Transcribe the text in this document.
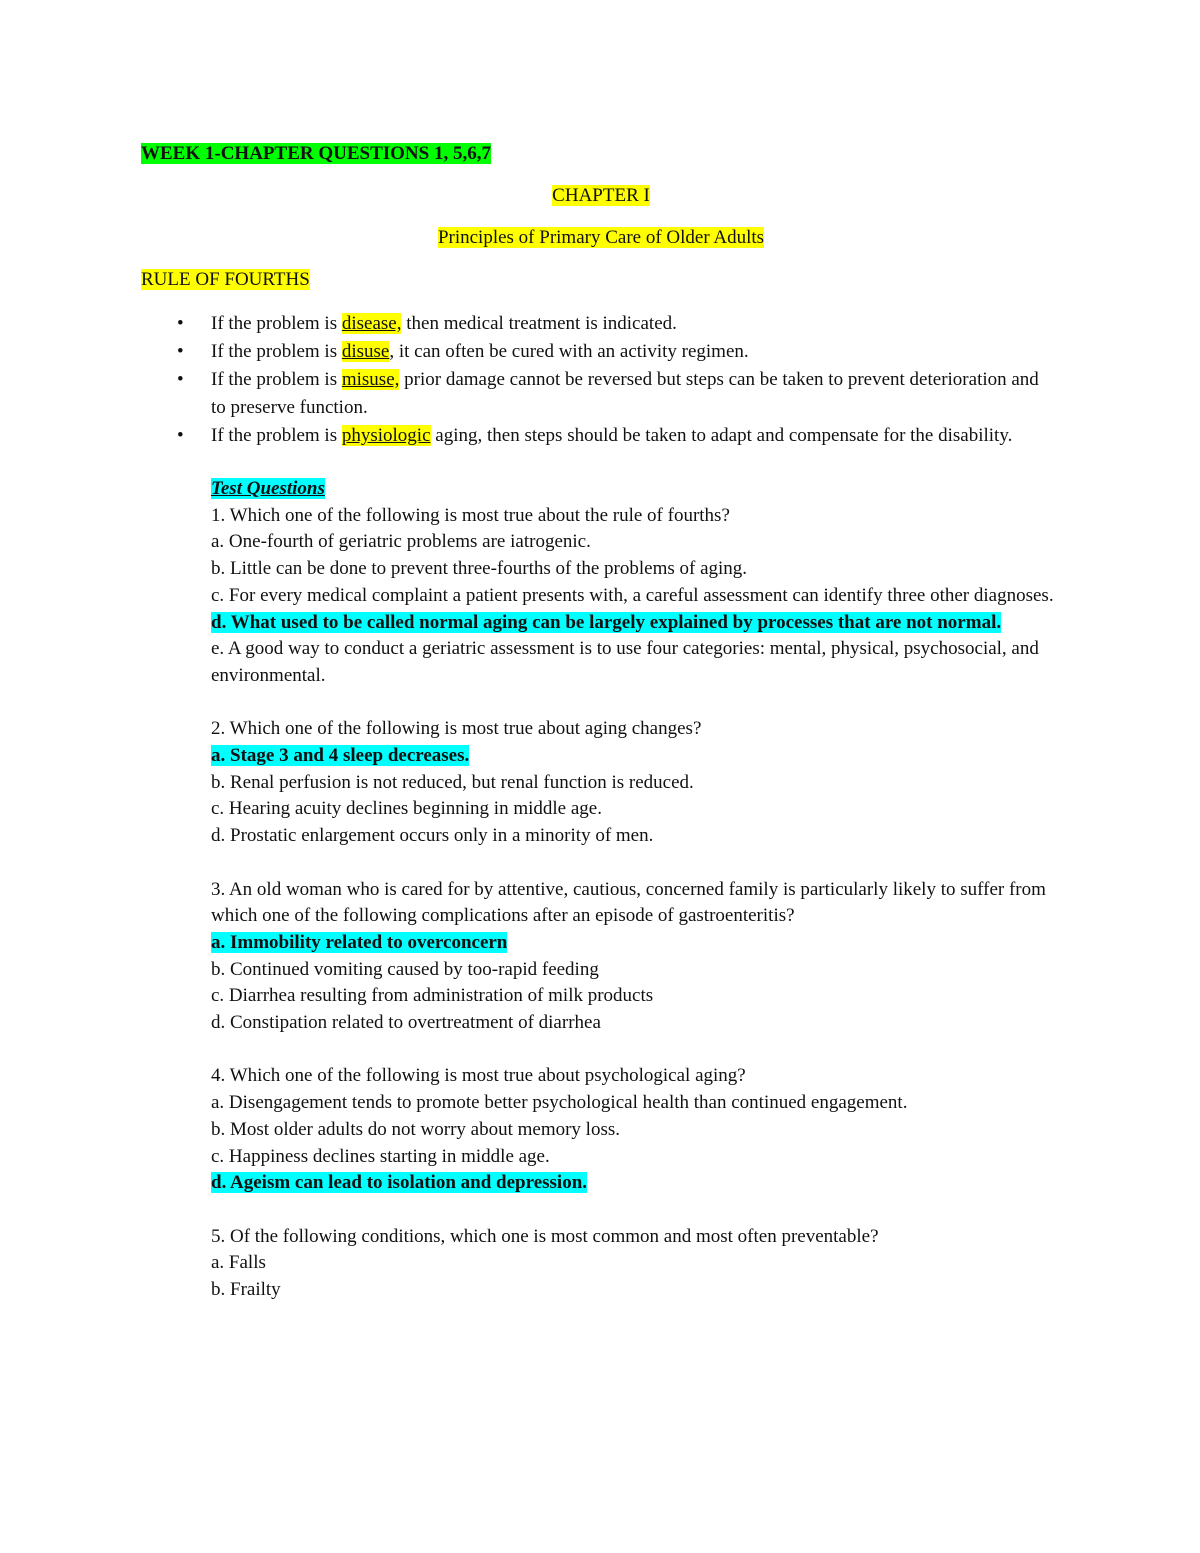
WEEK 1-CHAPTER QUESTIONS 1, 5,6,7
CHAPTER I
Principles of Primary Care of Older Adults
RULE OF FOURTHS
• If the problem is disease, then medical treatment is indicated.
• If the problem is disuse, it can often be cured with an activity regimen.
• If the problem is misuse, prior damage cannot be reversed but steps can be taken to prevent deterioration and to preserve function.
• If the problem is physiologic aging, then steps should be taken to adapt and compensate for the disability.
Test Questions
1. Which one of the following is most true about the rule of fourths?
a. One-fourth of geriatric problems are iatrogenic.
b. Little can be done to prevent three-fourths of the problems of aging.
c. For every medical complaint a patient presents with, a careful assessment can identify three other diagnoses.
d. What used to be called normal aging can be largely explained by processes that are not normal.
e. A good way to conduct a geriatric assessment is to use four categories: mental, physical, psychosocial, and environmental.
2. Which one of the following is most true about aging changes?
a. Stage 3 and 4 sleep decreases.
b. Renal perfusion is not reduced, but renal function is reduced.
c. Hearing acuity declines beginning in middle age.
d. Prostatic enlargement occurs only in a minority of men.
3. An old woman who is cared for by attentive, cautious, concerned family is particularly likely to suffer from which one of the following complications after an episode of gastroenteritis?
a. Immobility related to overconcern
b. Continued vomiting caused by too-rapid feeding
c. Diarrhea resulting from administration of milk products
d. Constipation related to overtreatment of diarrhea
4. Which one of the following is most true about psychological aging?
a. Disengagement tends to promote better psychological health than continued engagement.
b. Most older adults do not worry about memory loss.
c. Happiness declines starting in middle age.
d. Ageism can lead to isolation and depression.
5. Of the following conditions, which one is most common and most often preventable?
a. Falls
b. Frailty
